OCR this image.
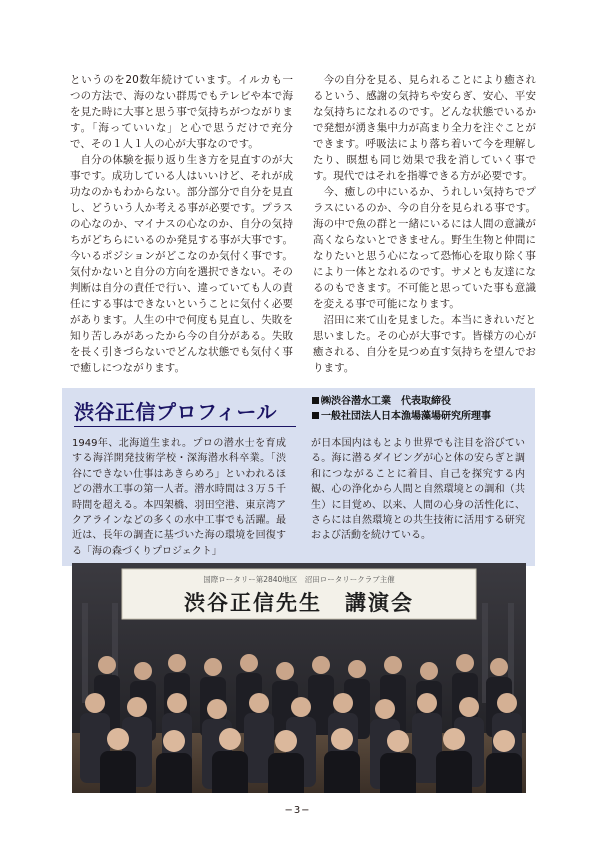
というのを20数年続けています。イルカも一つの方法で、海のない群馬でもテレビや本で海を見た時に大事と思う事で気持ちがつながります。「海っていいな」と心で思うだけで充分で、その１人１人の心が大事なのです。

自分の体験を振り返り生き方を見直すのが大事です。成功している人はいいけど、それが成功なのかもわからない。部分部分で自分を見直し、どういう人か考える事が必要です。プラスの心なのか、マイナスの心なのか、自分の気持ちがどちらにいるのか発見する事が大事です。今いるポジションがどこなのか気付く事です。気付かないと自分の方向を選択できない。その判断は自分の責任で行い、違っていても人の責任にする事はできないということに気付く必要があります。人生の中で何度も見直し、失敗を知り苦しみがあったから今の自分がある。失敗を長く引きづらないでどんな状態でも気付く事で癒しにつながります。

今の自分を見る、見られることにより癒されるという、感謝の気持ちや安らぎ、安心、平安な気持ちになれるのです。どんな状態でいるかで発想が湧き集中力が高まり全力を注ぐことができます。呼吸法により落ち着いて今を理解したり、瞑想も同じ効果で我を消していく事です。現代ではそれを指導できる方が必要です。

今、癒しの中にいるか、うれしい気持ちでプラスにいるのか、今の自分を見られる事です。海の中で魚の群と一緒にいるには人間の意識が高くならないとできません。野生生物と仲間になりたいと思う心になって恐怖心を取り除く事により一体となれるのです。サメとも友達になるのもできます。不可能と思っていた事も意識を変える事で可能になります。

沼田に来て山を見ました。本当にきれいだと思いました。その心が大事です。皆様方の心が癒される、自分を見つめ直す気持ちを望んでおります。

渋谷正信プロフィール	㈱渋谷潜水工業　代表取締役
一般社団法人日本漁場藻場研究所理事

1949年、北海道生まれ。プロの潜水士を育成する海洋開発技術学校・深海潜水科卒業。「渋谷にできない仕事はあきらめろ」といわれるほどの潜水工事の第一人者。潜水時間は３万５千時間を超える。本四架橋、羽田空港、東京湾アクアラインなどの多くの水中工事でも活躍。最近は、長年の調査に基づいた海の環境を回復する「海の森づくりプロジェクト」

が日本国内はもとより世界でも注目を浴びている。海に潜るダイビングが心と体の安らぎと調和につながることに着目、自己を探究する内観、心の浄化から人間と自然環境との調和（共生）に目覚め、以来、人間の心身の活性化に、さらには自然環境との共生技術に活用する研究および活動を続けている。

国際ロータリー第2840地区　沼田ロータリークラブ主催
渋谷正信先生　講演会
−3−
